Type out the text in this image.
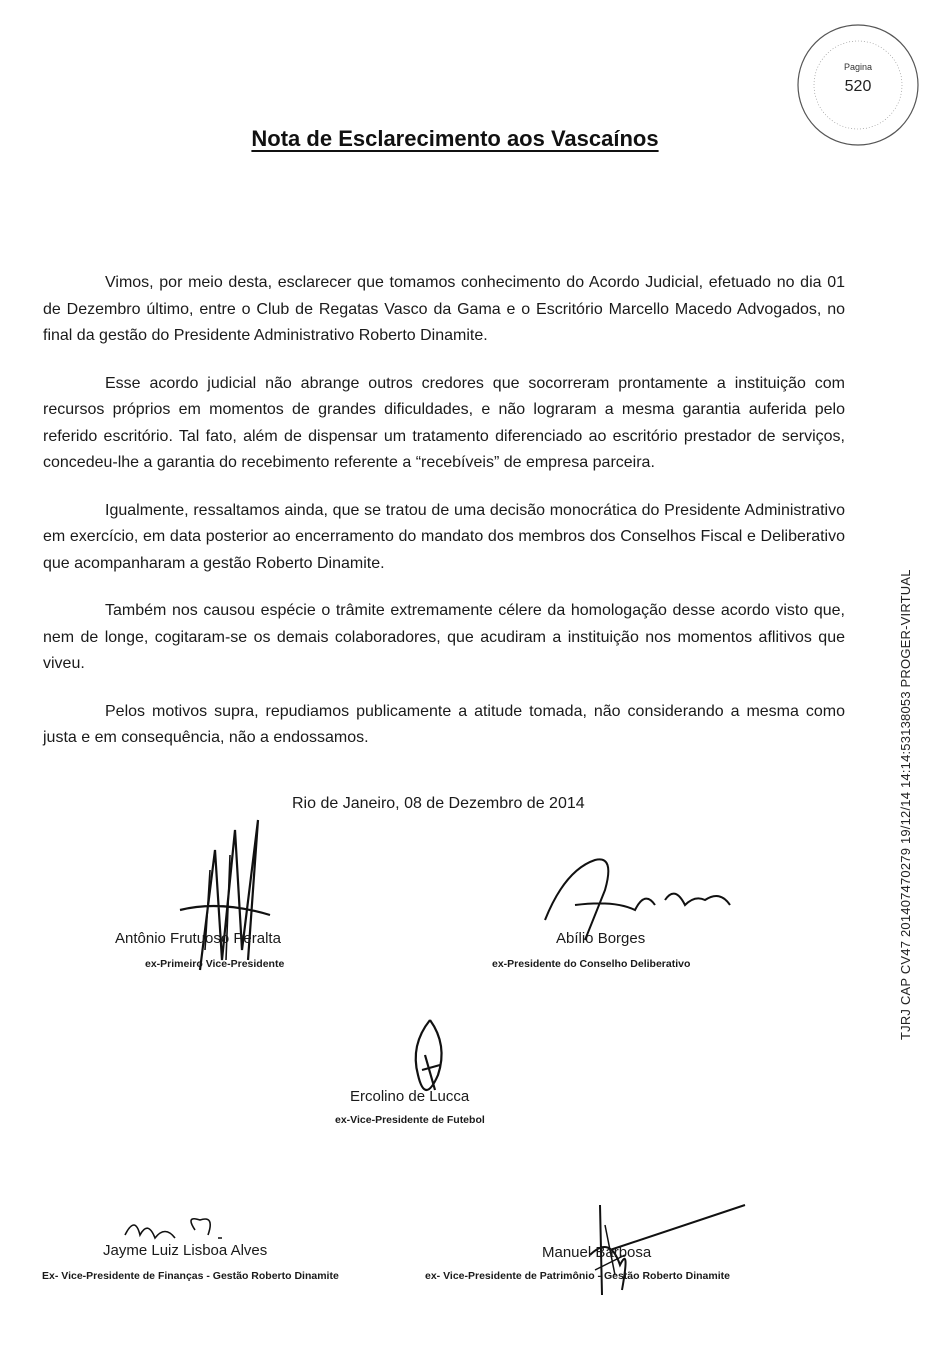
Pagina
520
Nota de Esclarecimento aos Vascaínos

Vimos, por meio desta, esclarecer que tomamos conhecimento do Acordo Judicial, efetuado no dia 01 de Dezembro último, entre o Club de Regatas Vasco da Gama e o Escritório Marcello Macedo Advogados, no final da gestão do Presidente Administrativo Roberto Dinamite.

Esse acordo judicial não abrange outros credores que socorreram prontamente a instituição com recursos próprios em momentos de grandes dificuldades, e não lograram a mesma garantia auferida pelo referido escritório. Tal fato, além de dispensar um tratamento diferenciado ao escritório prestador de serviços, concedeu-lhe a garantia do recebimento referente a “recebíveis” de empresa parceira.

Igualmente, ressaltamos ainda, que se tratou de uma decisão monocrática do Presidente Administrativo em exercício, em data posterior ao encerramento do mandato dos membros dos Conselhos Fiscal e Deliberativo que acompanharam a gestão Roberto Dinamite.

Também nos causou espécie o trâmite extremamente célere da homologação desse acordo visto que, nem de longe, cogitaram-se os demais colaboradores, que acudiram a instituição nos momentos aflitivos que viveu.

Pelos motivos supra, repudiamos publicamente a atitude tomada, não considerando a mesma como justa e em consequência, não a endossamos.

Rio de Janeiro, 08 de Dezembro de 2014
Antônio Frutuoso Peralta
ex-Primeiro Vice-Presidente
Abílio Borges
ex-Presidente do Conselho Deliberativo
Ercolino de Lucca
ex-Vice-Presidente de Futebol
Jayme Luiz Lisboa Alves
Ex- Vice-Presidente de Finanças - Gestão Roberto Dinamite
Manuel Barbosa
ex- Vice-Presidente de Patrimônio - Gestão Roberto Dinamite
TJRJ CAP CV47 201407470279 19/12/14 14:14:53138053 PROGER-VIRTUAL
